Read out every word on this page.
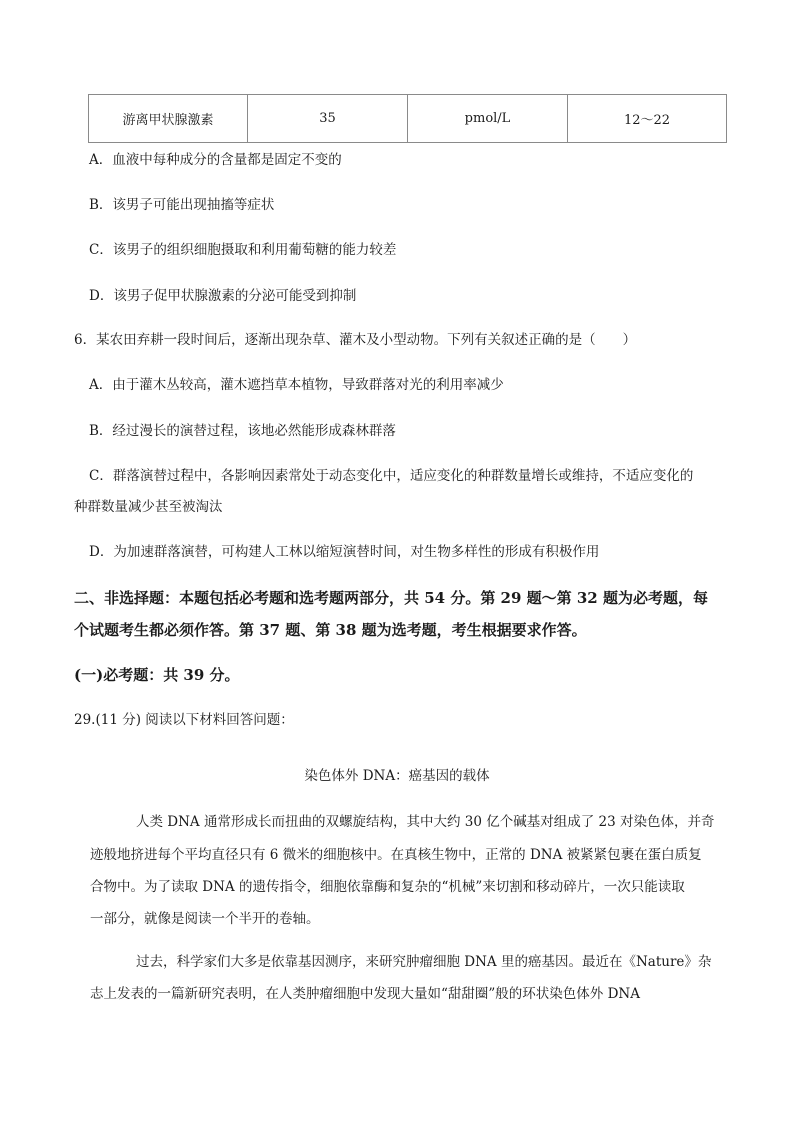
游离甲状腺激素	35	pmol/L	12～22
A．血液中每种成分的含量都是固定不变的
B．该男子可能出现抽搐等症状
C．该男子的组织细胞摄取和利用葡萄糖的能力较差
D．该男子促甲状腺激素的分泌可能受到抑制
6．某农田弃耕一段时间后，逐渐出现杂草、灌木及小型动物。下列有关叙述正确的是（　　）
A．由于灌木丛较高，灌木遮挡草本植物，导致群落对光的利用率减少
B．经过漫长的演替过程，该地必然能形成森林群落
C．群落演替过程中，各影响因素常处于动态变化中，适应变化的种群数量增长或维持，不适应变化的
种群数量减少甚至被淘汰
D．为加速群落演替，可构建人工林以缩短演替时间，对生物多样性的形成有积极作用
二、非选择题：本题包括必考题和选考题两部分，共 54 分。第 29 题～第 32 题为必考题，每
个试题考生都必须作答。第 37 题、第 38 题为选考题，考生根据要求作答。
(一)必考题：共 39 分。
29.(11 分) 阅读以下材料回答问题：
染色体外 DNA：癌基因的载体
人类 DNA 通常形成长而扭曲的双螺旋结构，其中大约 30 亿个碱基对组成了 23 对染色体，并奇
迹般地挤进每个平均直径只有 6 微米的细胞核中。在真核生物中，正常的 DNA 被紧紧包裹在蛋白质复
合物中。为了读取 DNA 的遗传指令，细胞依靠酶和复杂的“机械”来切割和移动碎片，一次只能读取
一部分，就像是阅读一个半开的卷轴。
过去，科学家们大多是依靠基因测序，来研究肿瘤细胞 DNA 里的癌基因。最近在《Nature》杂
志上发表的一篇新研究表明，在人类肿瘤细胞中发现大量如“甜甜圈”般的环状染色体外 DNA
